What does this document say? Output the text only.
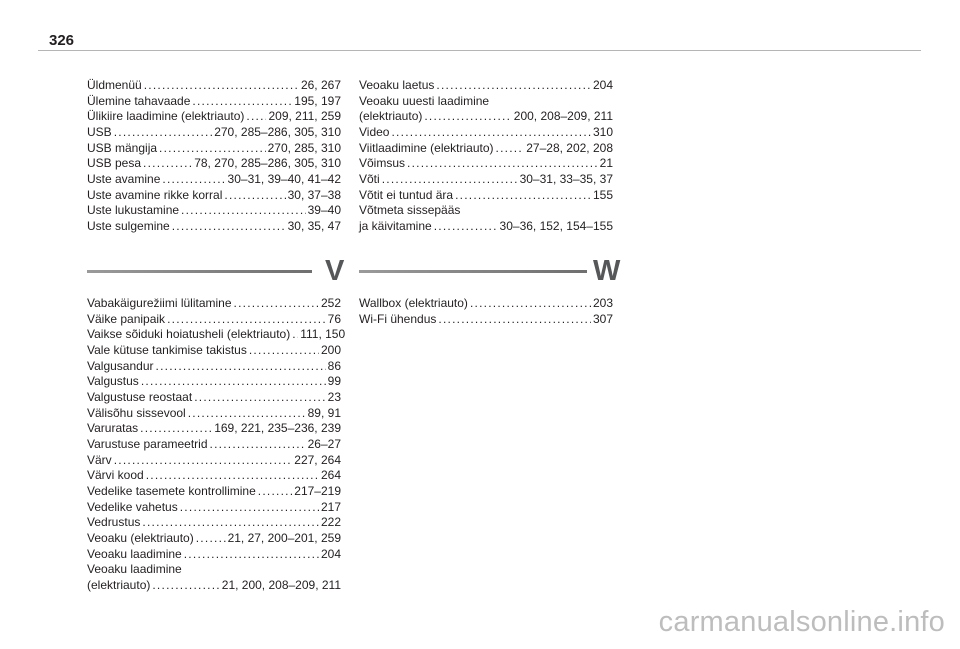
326
Üldmenüü . . .	26, 267
Ülemine tahavaade . . .	195, 197
Ülikiire laadimine (elektriauto) . . . 209, 211, 259
USB . . .	270, 285–286, 305, 310
USB mängija . . .	270, 285, 310
USB pesa . . .	78, 270, 285–286, 305, 310
Uste avamine . . .	30–31, 39–40, 41–42
Uste avamine rikke korral . . .	30, 37–38
Uste lukustamine . . .	39–40
Uste sulgemine . . .	30, 35, 47
Veoaku laetus . . .	204
Veoaku uuesti laadimine
(elektriauto) . . .	200, 208–209, 211
Video . . .	310
Viitlaadimine (elektriauto) . . .	27–28, 202, 208
Võimsus . . .	21
Võti . . .	30–31, 33–35, 37
Võtit ei tuntud ära . . .	155
Võtmeta sissepääs
ja käivitamine . . .	30–36, 152, 154–155
V
Vabakäigurežiimi lülitamine . . .	252
Väike panipaik . . .	76
Vaikse sõiduki hoiatusheli (elektriauto) . . . 111, 150
Vale kütuse tankimise takistus . . .	200
Valgusandur . . .	86
Valgustus . . .	99
Valgustuse reostaat . . .	23
Välisõhu sissevool . . .	89, 91
Varuratas . . .	169, 221, 235–236, 239
Varustuse parameetrid . . .	26–27
Värv . . .	227, 264
Värvi kood . . .	264
Vedelike tasemete kontrollimine . . .	217–219
Vedelike vahetus . . .	217
Vedrustus . . .	222
Veoaku (elektriauto) . . .	21, 27, 200–201, 259
Veoaku laadimine . . .	204
Veoaku laadimine
(elektriauto) . . .	21, 200, 208–209, 211
W
Wallbox (elektriauto) . . .	203
Wi-Fi ühendus . . .	307
carmanualsonline.info
